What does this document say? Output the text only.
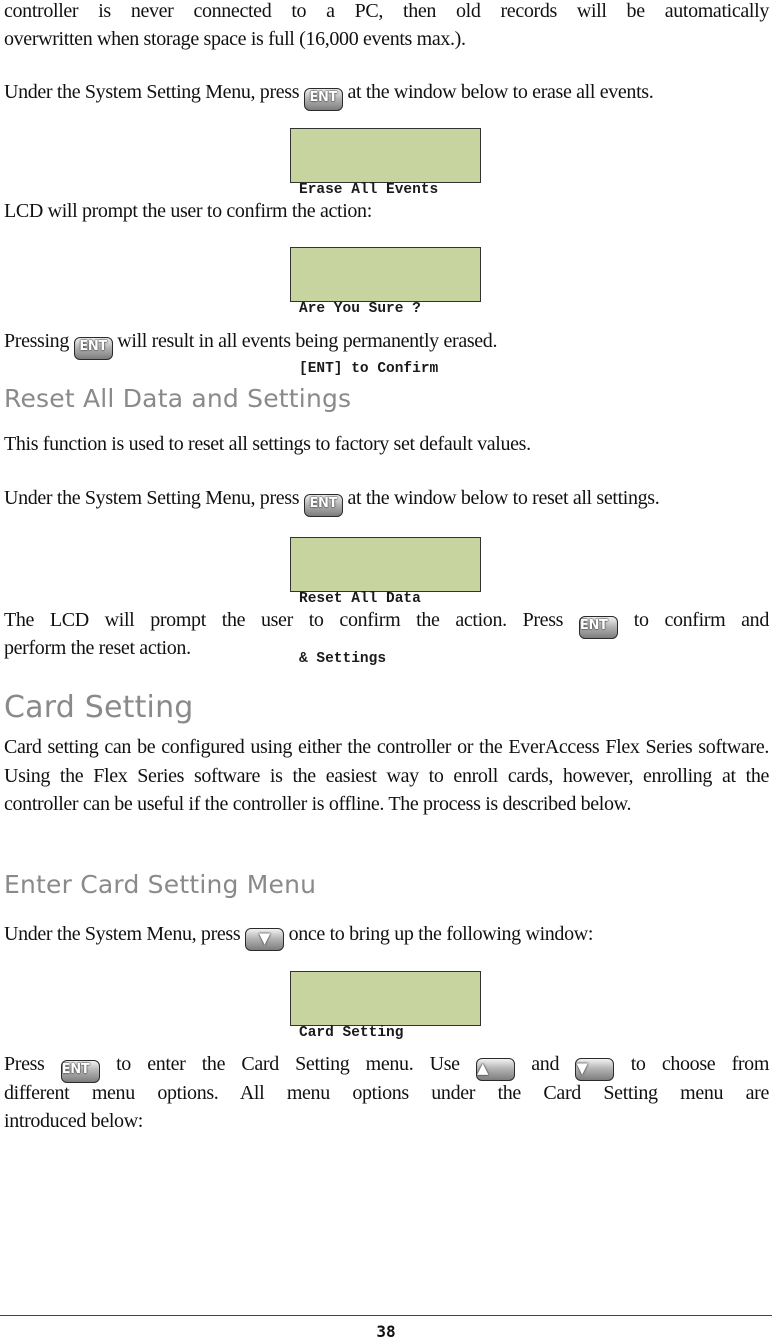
controller is never connected to a PC, then old records will be automatically

overwritten when storage space is full (16,000 events max.).

Under the System Setting Menu, press ENT at the window below to erase all events.

Erase All Events

LCD will prompt the user to confirm the action:

Are You Sure ?

[ENT] to Confirm

Pressing ENT will result in all events being permanently erased.

Reset All Data and Settings

This function is used to reset all settings to factory set default values.

Under the System Setting Menu, press ENT at the window below to reset all settings.

Reset All Data

& Settings

The LCD will prompt the user to confirm the action. Press ENT to confirm and

perform the reset action.

Card Setting

Card setting can be configured using either the controller or the EverAccess Flex Series software. Using the Flex Series software is the easiest way to enroll cards, however, enrolling at the controller can be useful if the controller is offline. The process is described below.

Enter Card Setting Menu

Under the System Menu, press ▼ once to bring up the following window:

Card Setting

Press ENT to enter the Card Setting menu. Use ▲ and ▼ to choose from

different menu options. All menu options under the Card Setting menu are

introduced below:

38
